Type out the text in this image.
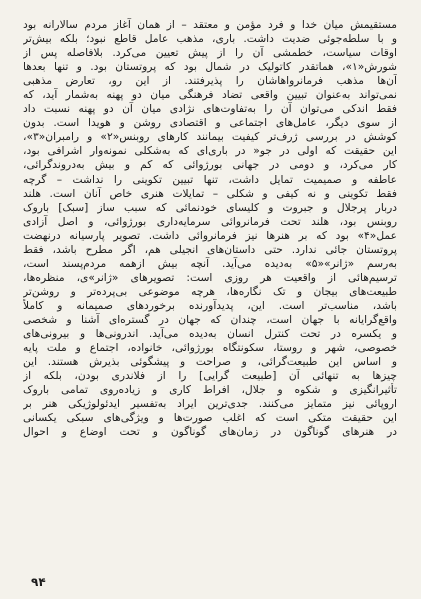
مستقیمش میان خدا و فرد مؤمن و معتقد – از همان آغاز مردم سالارانه بود
و با سلطه‌جوئی ضدیت داشت. باری، مذهب عامل قاطع نبود؛ بلکه بیش‌تر
اوقات سیاست، خطمشی آن را از پیش تعیین می‌کرد. بلافاصله پس از
شورش«۱»، هماتقدر کاتولیک در شمال بود که پروتستان بود. و تنها بعدها
آن‌ها مذهب فرمانرواهاشان را پذیرفتند. از این رو، تعارض مذهبی
نمی‌تواند به‌عنوان تبیین واقعی تضاد فرهنگی میان دو پهنه به‌شمار آید، که
فقط اندکی می‌توان آن را به‌تفاوت‌های نژادی میان آن دو پهنه نسبت داد
از سوی دیگر، عامل‌های اجتماعی و اقتصادی روشن و هویدا است. بدون
کوشش در بررسی ژرف‌تر کیفیت بیمانند کارهای روبنس«۲» و رامبران«۳»،
این حقیقت که اولی در جو« در باری‌ای که به‌شکلی نمونه‌وار اشرافی بود،
کار می‌کرد، و دومی در جهانی بورژوائی که کم و بیش به‌دروندگرائی،
عاطفه و صمیمیت تمایل داشت، تنها تبیین تکوینی را نداشت – گرچه
فقط تکوینی و نه کیفی و شکلی – تمایلات هنری خاص آنان است. هلند
دربار پرجلال و جبروت و کلیسای خودنمائی که سبب ساز [سبک] باروک
روبنس بود، هلند تحت فرمانروائی سرمایه‌داری بورژوائی، و اصل آزادی
عمل«۴» بود که بر هنرها نیز فرمانروائی داشت. تصویر پارسیانه درنهضت
پروتستان جائی ندارد. حتی داستان‌های انجیلی هم، اگر مطرح باشد، فقط
به‌رسم «ژانر»«۵» به‌دیده می‌آید. آنچه بیش ازهمه مردم‌پسند است،
ترسیم‌هائی از واقعیت هر روزی است: تصویرهای «ژانر»ی، منظره‌ها،
طبیعت‌های بیجان و تک نگاره‌ها، هرچه موضوعی بی‌پرده‌تر و روشن‌تر
باشد، مناسب‌تر است. این، پدیدآورنده برخوردهای صمیمانه و کاملاً
واقع‌گرایانه با جهان است، چندان که جهان در گستره‌ای آشنا و شخصی
و یکسره در تحت کنترل انسان به‌دیده می‌آید. اندرونی‌ها و بیرونی‌های
خصوصی، شهر و روستا، سکونتگاه بورژوائی، خانواده، اجتماع و ملت پایه
و اساس این طبیعت‌گرائی، و صراحت و پیشگوئی بذیرش هستند. این
چیزها به تنهائی آن [طبیعت گرایی] را از فلاندری بودن، بلکه از
تأثیرانگیزی و شکوه و جلال، افراط کاری و زیاده‌روی تمامی باروک
اروپائی نیز متمایز می‌کنند. جدی‌ترین ایراد به‌تفسیر ایدئولوژیکی هنر بر
این حقیقت متکی است که اغلب صورت‌ها و ویژگی‌های سبکی یکسانی
در هنرهای گوناگون در زمان‌های گوناگون و تحت اوضاع و احوال
۹۴
